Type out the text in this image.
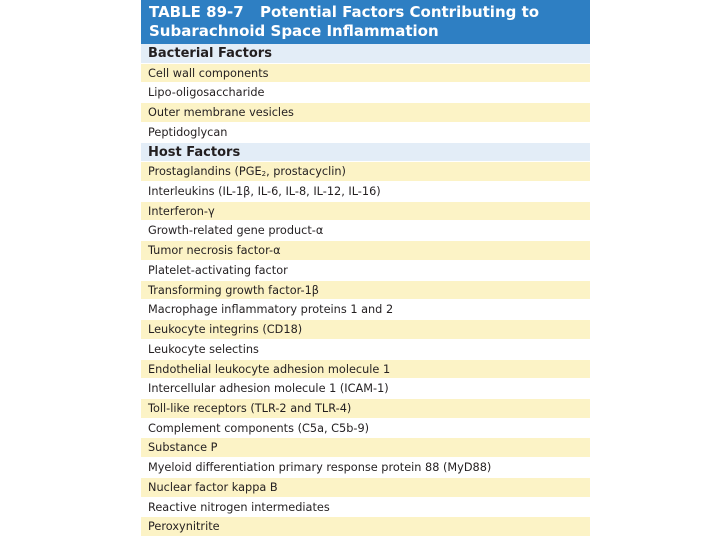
TABLE 89-7 Potential Factors Contributing to
Subarachnoid Space Inflammation
Bacterial Factors
Cell wall components
Lipo-oligosaccharide
Outer membrane vesicles
Peptidoglycan
Host Factors
Prostaglandins ($PGE_2$, prostacyclin)
Interleukins (IL-1β, IL-6, IL-8, IL-12, IL-16)
Interferon-γ
Growth-related gene product-α
Tumor necrosis factor-α
Platelet-activating factor
Transforming growth factor-1β
Macrophage inflammatory proteins 1 and 2
Leukocyte integrins (CD18)
Leukocyte selectins
Endothelial leukocyte adhesion molecule 1
Intercellular adhesion molecule 1 (ICAM-1)
Toll-like receptors (TLR-2 and TLR-4)
Complement components (C5a, C5b-9)
Substance P
Myeloid differentiation primary response protein 88 (MyD88)
Nuclear factor kappa B
Reactive nitrogen intermediates
Peroxynitrite
